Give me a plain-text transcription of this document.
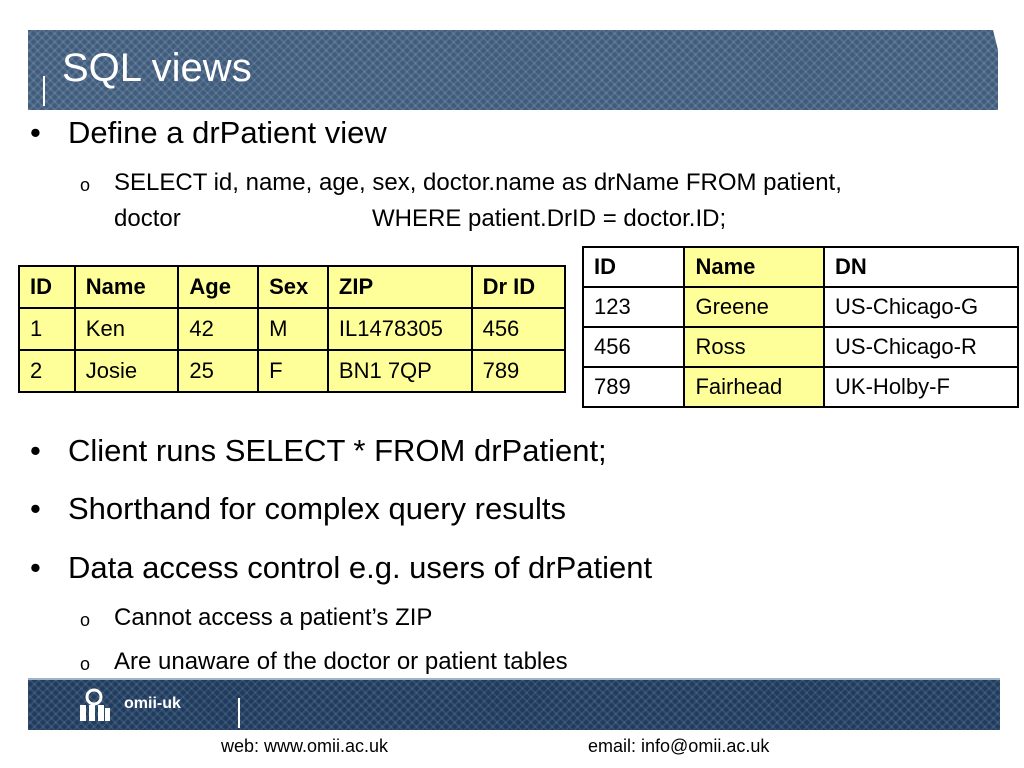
SQL views
• Define a drPatient view
o SELECT id, name, age, sex, doctor.name as drName FROM patient,
doctor	WHERE patient.DrID = doctor.ID;
ID	Name	Age	Sex	ZIP	Dr ID
1	Ken	42	M	IL1478305	456
2	Josie	25	F	BN1 7QP	789
ID	Name	DN
123	Greene	US-Chicago-G
456	Ross	US-Chicago-R
789	Fairhead	UK-Holby-F
• Client runs SELECT * FROM drPatient;
• Shorthand for complex query results
• Data access control e.g. users of drPatient
o Cannot access a patient’s ZIP
o Are unaware of the doctor or patient tables
omii-uk
web: www.omii.ac.uk	email: info@omii.ac.uk
